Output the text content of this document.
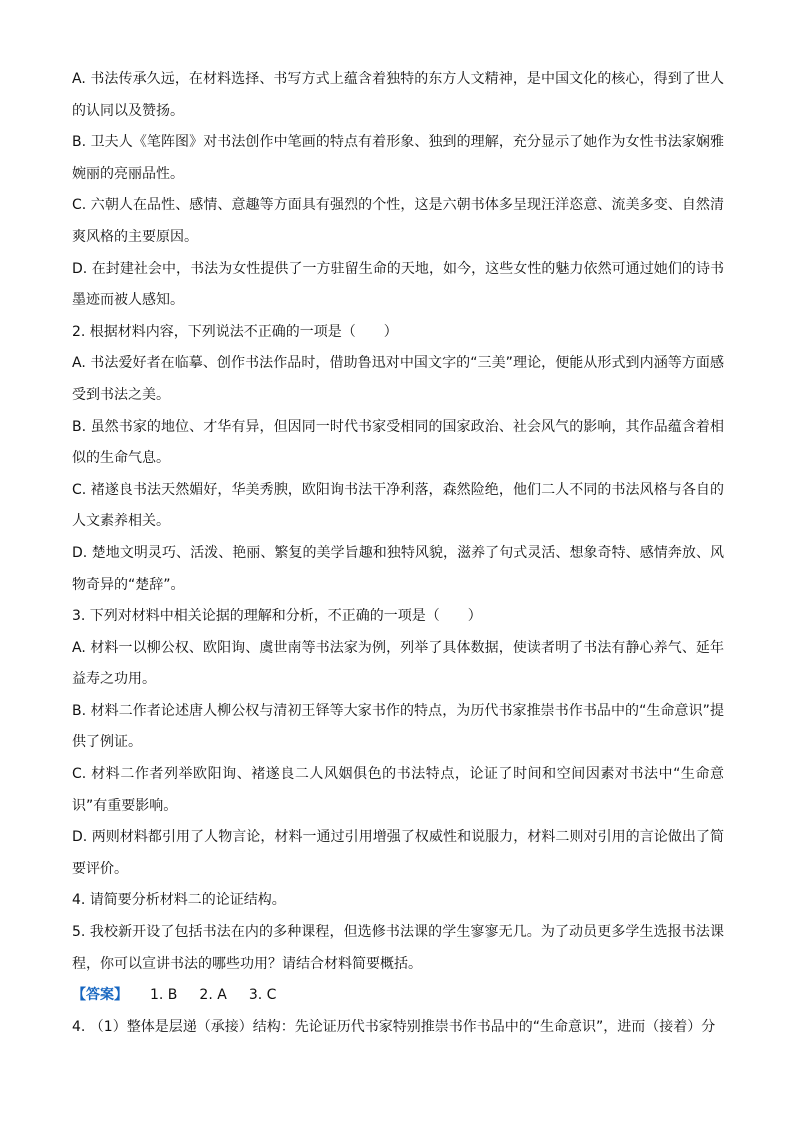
A. 书法传承久远，在材料选择、书写方式上蕴含着独特的东方人文精神，是中国文化的核心，得到了世人的认同以及赞扬。

B. 卫夫人《笔阵图》对书法创作中笔画的特点有着形象、独到的理解，充分显示了她作为女性书法家娴雅婉丽的亮丽品性。

C. 六朝人在品性、感情、意趣等方面具有强烈的个性，这是六朝书体多呈现汪洋恣意、流美多变、自然清爽风格的主要原因。

D. 在封建社会中，书法为女性提供了一方驻留生命的天地，如今，这些女性的魅力依然可通过她们的诗书墨迹而被人感知。

2. 根据材料内容，下列说法不正确的一项是（　　）

A. 书法爱好者在临摹、创作书法作品时，借助鲁迅对中国文字的“三美”理论，便能从形式到内涵等方面感受到书法之美。

B. 虽然书家的地位、才华有异，但因同一时代书家受相同的国家政治、社会风气的影响，其作品蕴含着相似的生命气息。

C. 褚遂良书法天然媚好，华美秀腴，欧阳询书法干净利落，森然险绝，他们二人不同的书法风格与各自的人文素养相关。

D. 楚地文明灵巧、活泼、艳丽、繁复的美学旨趣和独特风貌，滋养了句式灵活、想象奇特、感情奔放、风物奇异的“楚辞”。

3. 下列对材料中相关论据的理解和分析，不正确的一项是（　　）

A. 材料一以柳公权、欧阳询、虞世南等书法家为例，列举了具体数据，使读者明了书法有静心养气、延年益寿之功用。

B. 材料二作者论述唐人柳公权与清初王铎等大家书作的特点，为历代书家推崇书作书品中的“生命意识”提供了例证。

C. 材料二作者列举欧阳询、褚遂良二人风姻俱色的书法特点，论证了时间和空间因素对书法中“生命意识”有重要影响。

D. 两则材料都引用了人物言论，材料一通过引用增强了权威性和说服力，材料二则对引用的言论做出了简要评价。

4. 请简要分析材料二的论证结构。

5. 我校新开设了包括书法在内的多种课程，但选修书法课的学生寥寥无几。为了动员更多学生选报书法课程，你可以宣讲书法的哪些功用？请结合材料简要概括。

【答案】 1. B 2. A 3. C

4. （1）整体是层递（承接）结构：先论证历代书家特别推崇书作书品中的“生命意识”，进而（接着）分
